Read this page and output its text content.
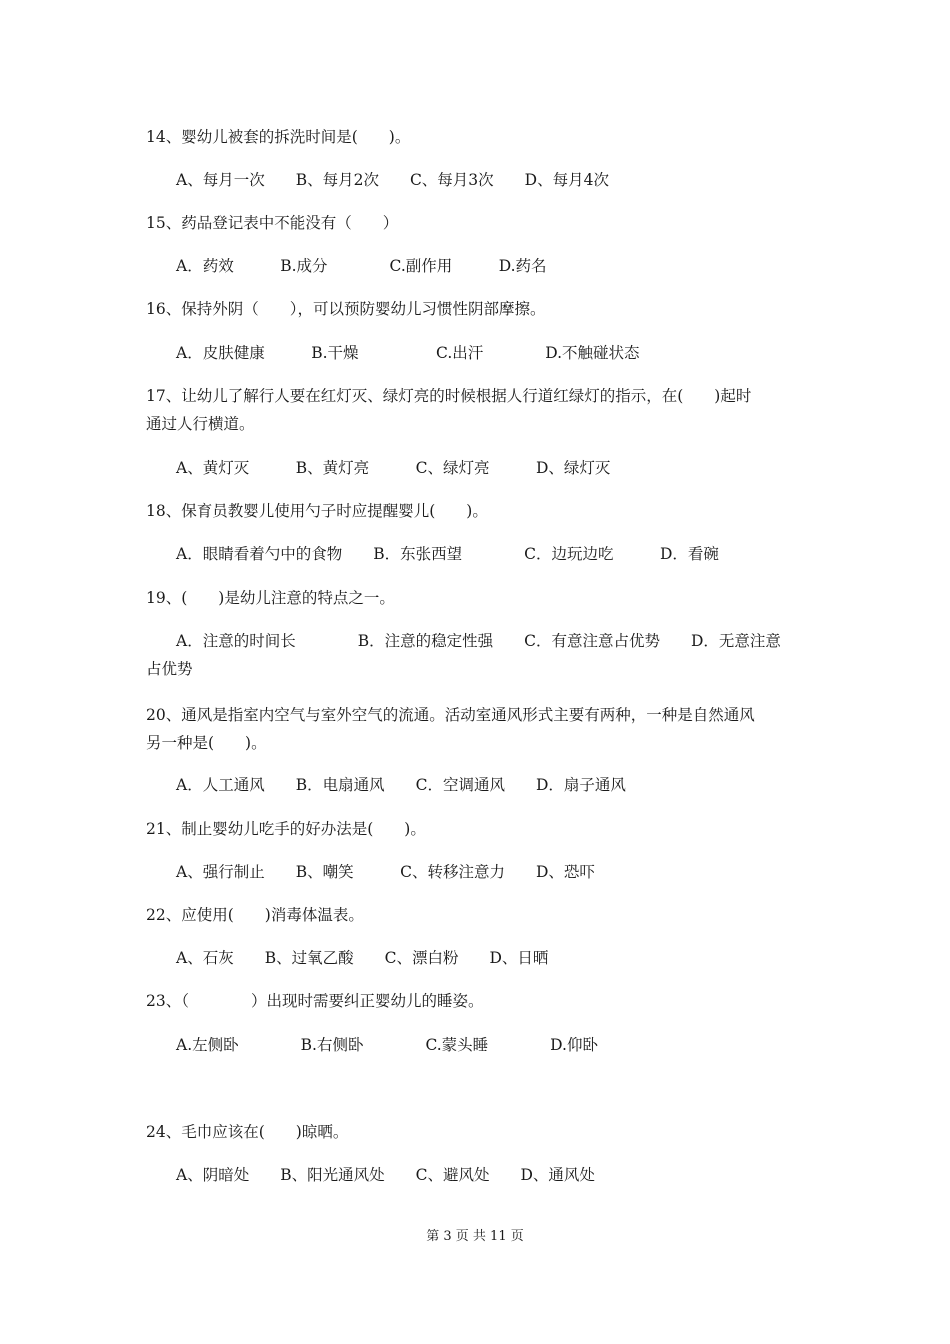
14、婴幼儿被套的拆洗时间是(　　)。
A、每月一次　　B、每月2次　　C、每月3次　　D、每月4次
15、药品登记表中不能没有（　　）
A．药效　　　B.成分　　　　C.副作用　　　D.药名
16、保持外阴（　　），可以预防婴幼儿习惯性阴部摩擦。
A．皮肤健康　　　B.干燥　　　　　C.出汗　　　　D.不触碰状态
17、让幼儿了解行人要在红灯灭、绿灯亮的时候根据人行道红绿灯的指示，在(　　)起时
通过人行横道。
A、黄灯灭　　　B、黄灯亮　　　C、绿灯亮　　　D、绿灯灭
18、保育员教婴儿使用勺子时应提醒婴儿(　　)。
A．眼睛看着勺中的食物　　B．东张西望　　　　C．边玩边吃　　　D．看碗
19、(　　)是幼儿注意的特点之一。
A．注意的时间长　　　　B．注意的稳定性强　　C．有意注意占优势　　D．无意注意
占优势
20、通风是指室内空气与室外空气的流通。活动室通风形式主要有两种，一种是自然通风
另一种是(　　)。
A．人工通风　　B．电扇通风　　C．空调通风　　D．扇子通风
21、制止婴幼儿吃手的好办法是(　　)。
A、强行制止　　B、嘲笑　　　C、转移注意力　　D、恐吓
22、应使用(　　)消毒体温表。
A、石灰　　B、过氧乙酸　　C、漂白粉　　D、日晒
23、（　　　　）出现时需要纠正婴幼儿的睡姿。
A.左侧卧　　　　B.右侧卧　　　　C.蒙头睡　　　　D.仰卧
24、毛巾应该在(　　)晾晒。
A、阴暗处　　B、阳光通风处　　C、避风处　　D、通风处
第 3 页 共 11 页
